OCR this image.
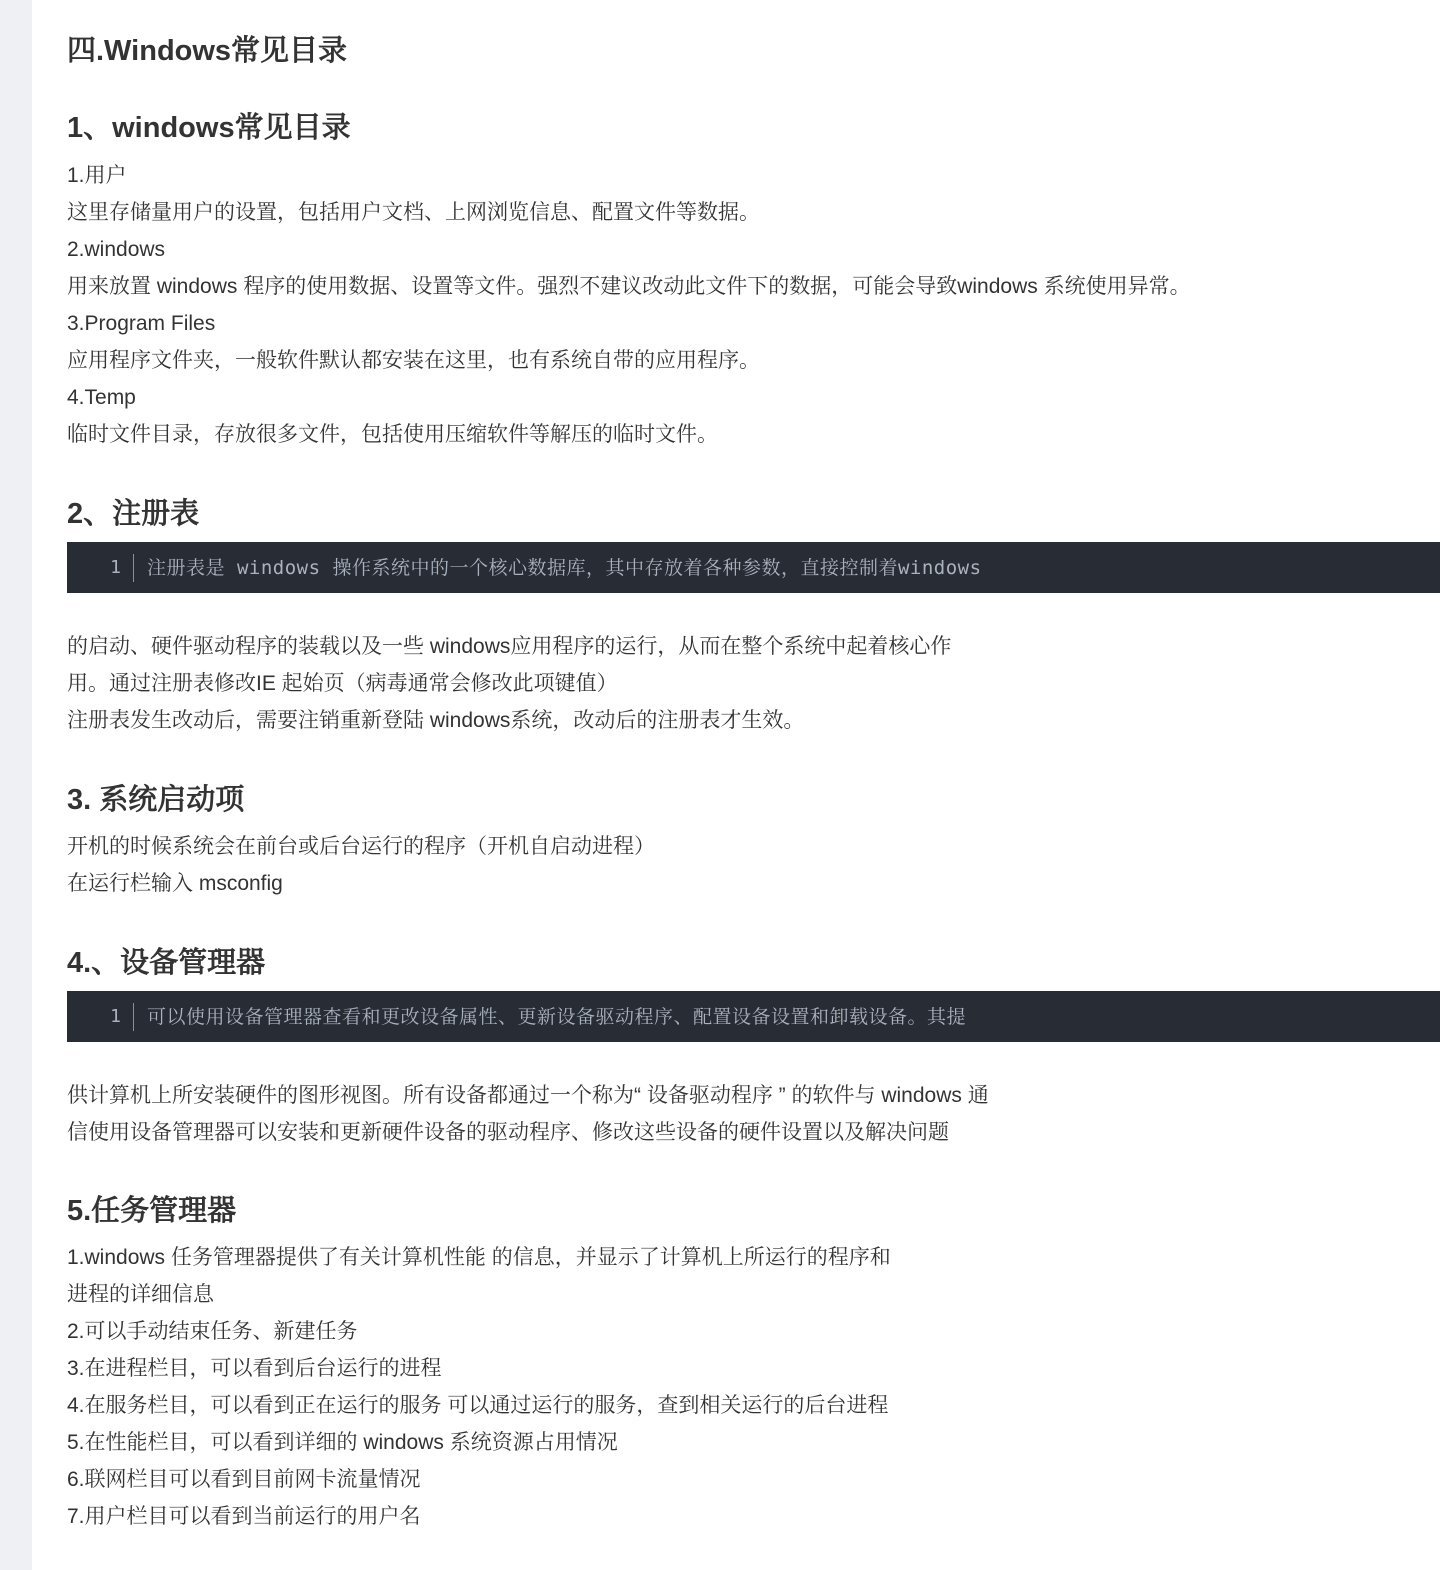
四.Windows常见目录
1、windows常见目录
1.用户
这里存储量用户的设置，包括用户文档、上网浏览信息、配置文件等数据。
2.windows
用来放置 windows 程序的使用数据、设置等文件。强烈不建议改动此文件下的数据，可能会导致windows 系统使用异常。
3.Program Files
应用程序文件夹，一般软件默认都安装在这里，也有系统自带的应用程序。
4.Temp
临时文件目录，存放很多文件，包括使用压缩软件等解压的临时文件。
2、注册表
1	注册表是 windows 操作系统中的一个核心数据库，其中存放着各种参数，直接控制着windows
的启动、硬件驱动程序的装载以及一些 windows应用程序的运行，从而在整个系统中起着核心作
用。通过注册表修改IE 起始页（病毒通常会修改此项键值）
注册表发生改动后，需要注销重新登陆 windows系统，改动后的注册表才生效。
3. 系统启动项
开机的时候系统会在前台或后台运行的程序（开机自启动进程）
在运行栏输入 msconfig
4.、设备管理器
1	可以使用设备管理器查看和更改设备属性、更新设备驱动程序、配置设备设置和卸载设备。其提
供计算机上所安装硬件的图形视图。所有设备都通过一个称为“ 设备驱动程序 ” 的软件与 windows 通
信使用设备管理器可以安装和更新硬件设备的驱动程序、修改这些设备的硬件设置以及解决问题
5.任务管理器
1.windows 任务管理器提供了有关计算机性能 的信息，并显示了计算机上所运行的程序和
进程的详细信息
2.可以手动结束任务、新建任务
3.在进程栏目，可以看到后台运行的进程
4.在服务栏目，可以看到正在运行的服务 可以通过运行的服务，查到相关运行的后台进程
5.在性能栏目，可以看到详细的 windows 系统资源占用情况
6.联网栏目可以看到目前网卡流量情况
7.用户栏目可以看到当前运行的用户名
